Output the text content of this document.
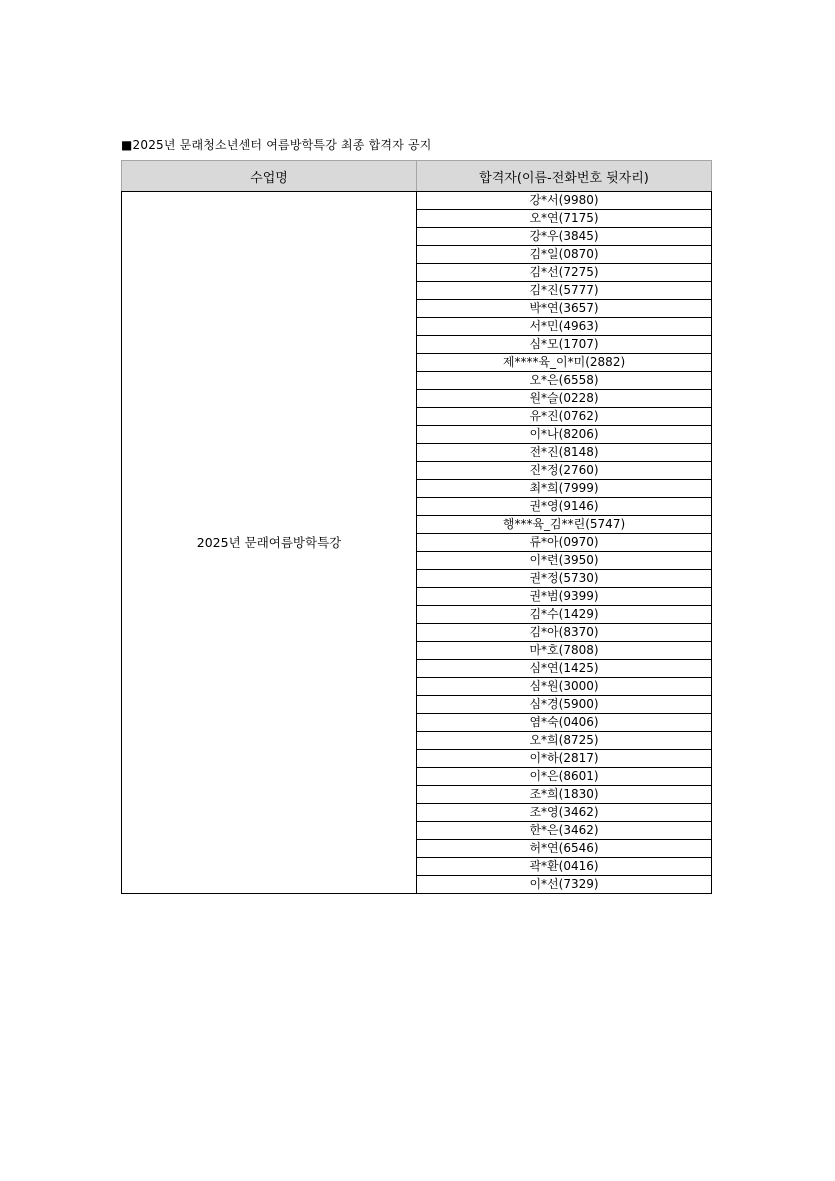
■2025년 문래청소년센터 여름방학특강 최종 합격자 공지
수업명	합격자(이름-전화번호 뒷자리)
2025년 문래여름방학특강	강*서(9980)
	오*연(7175)
	강*우(3845)
	김*일(0870)
	김*선(7275)
	김*진(5777)
	박*연(3657)
	서*민(4963)
	심*모(1707)
	제****육_이*미(2882)
	오*은(6558)
	원*슬(0228)
	유*진(0762)
	이*나(8206)
	전*진(8148)
	진*정(2760)
	최*희(7999)
	권*영(9146)
	행***육_김**린(5747)
	류*아(0970)
	이*련(3950)
	권*정(5730)
	권*범(9399)
	김*수(1429)
	김*아(8370)
	마*호(7808)
	심*연(1425)
	심*원(3000)
	심*경(5900)
	염*숙(0406)
	오*희(8725)
	이*하(2817)
	이*은(8601)
	조*희(1830)
	조*영(3462)
	한*은(3462)
	허*연(6546)
	곽*환(0416)
	이*선(7329)
